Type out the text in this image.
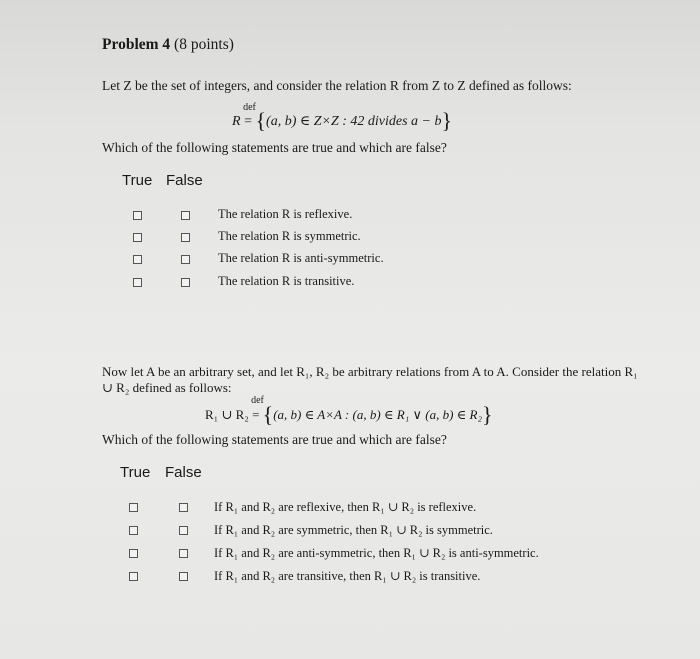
Problem 4 (8 points)
Let Z be the set of integers, and consider the relation R from Z to Z defined as follows:
R
def
= {(a, b) ∈ Z×Z : 42 divides a − b}
Which of the following statements are true and which are false?
True False
The relation R is reflexive.
The relation R is symmetric.
The relation R is anti-symmetric.
The relation R is transitive.
Now let A be an arbitrary set, and let R₁, R₂ be arbitrary relations from A to A. Consider the relation R₁ ∪ R₂ defined as follows:
R₁ ∪ R₂
def
= {(a, b) ∈ A×A : (a, b) ∈ R₁ ∨ (a, b) ∈ R₂}
Which of the following statements are true and which are false?
True False
If R₁ and R₂ are reflexive, then R₁ ∪ R₂ is reflexive.
If R₁ and R₂ are symmetric, then R₁ ∪ R₂ is symmetric.
If R₁ and R₂ are anti-symmetric, then R₁ ∪ R₂ is anti-symmetric.
If R₁ and R₂ are transitive, then R₁ ∪ R₂ is transitive.
